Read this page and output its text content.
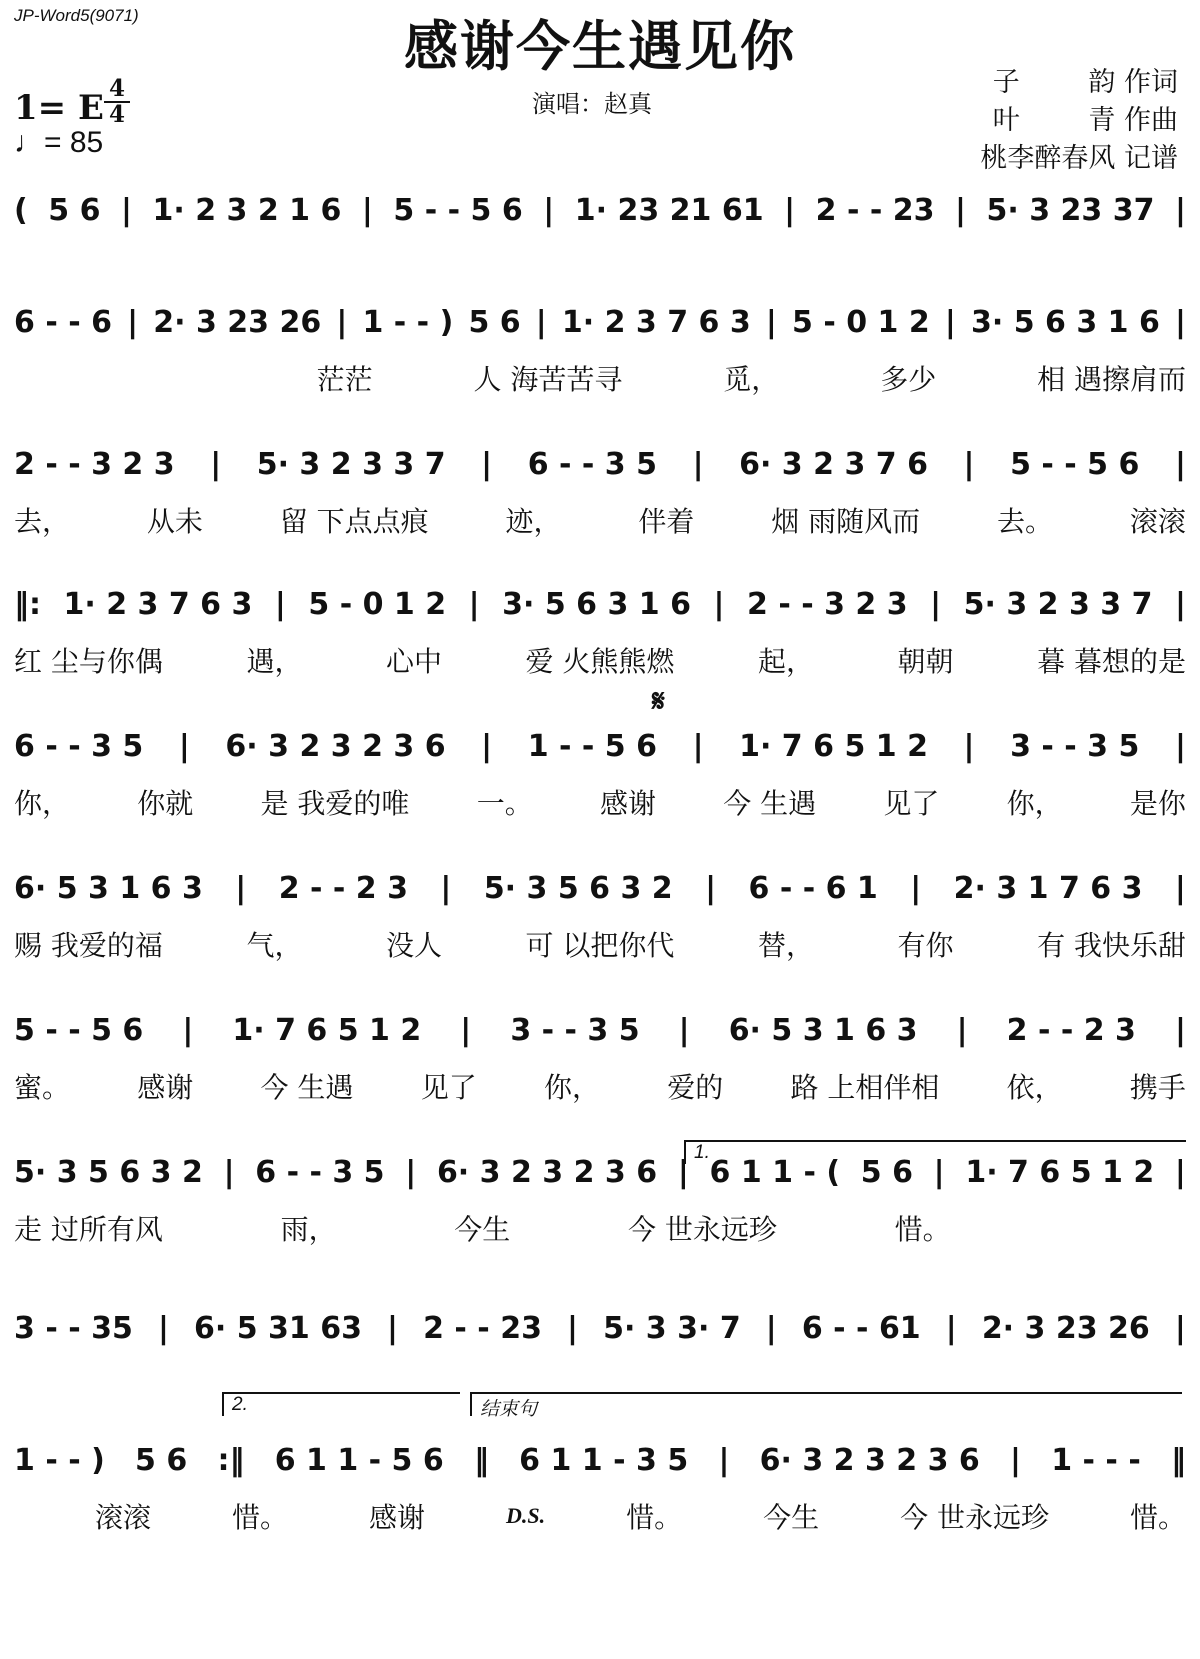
JP-Word5(9071)	感谢今生遇见你
演唱：赵真
1= E 4
4
♩= 85
子        韵 作词
叶        青 作曲
桃李醉春风 记谱
( 5 6 | 1· 2 3 2 1 6 | 5 - - 5 6 | 1· 23 21 61 | 2 - - 23 | 5· 3 23 37 |
6 - - 6 | 2· 3 23 26 | 1 - - ) 5 6 | 1· 2 3 7 6 3 | 5 - 0 1 2 | 3· 5 6 3 1 6 |
茫茫	人 海苦苦寻	觅，	多少	相 遇擦肩而
2 - - 3 2 3 | 5· 3 2 3 3 7 | 6 - - 3 5 | 6· 3 2 3 7 6 | 5 - - 5 6 |
去，	从未	留 下点点痕	迹，	伴着	烟 雨随风而	去。	滚滚
‖: 1· 2 3 7 6 3 | 5 - 0 1 2 | 3· 5 6 3 1 6 | 2 - - 3 2 3 | 5· 3 2 3 3 7 |
红 尘与你偶	遇，	心中	爱 火熊熊燃	起，	朝朝	暮 暮想的是
6 - - 3 5 | 6· 3 2 3 2 3 6 | 1 - - 5 6 | 1· 7 6 5 1 2 | 3 - - 3 5 |
你， 你就 是 我爱的唯 一。 感谢 今 生遇 见了 你， 是你
6· 5 3 1 6 3 | 2 - - 2 3 | 5· 3 5 6 3 2 | 6 - - 6 1 | 2· 3 1 7 6 3 |
赐 我爱的福	气，	没人	可 以把你代	替，	有你	有 我快乐甜
5 - - 5 6 | 1· 7 6 5 1 2 | 3 - - 3 5 | 6· 5 3 1 6 3 | 2 - - 2 3 |
蜜。 感谢 今 生遇 见了 你， 爱的 路 上相伴相 依， 携手
5· 3 5 6 3 2 | 6 - - 3 5 | 6· 3 2 3 2 3 6 | 6 1 1 - ( 5 6 | 1· 7 6 5 1 2 |
走 过所有风	雨，	今生	今 世永远珍	惜。
3 - - 35 | 6· 5 31 63 | 2 - - 23 | 5· 3 3· 7 | 6 - - 61 | 2· 3 23 26 |
1 - - ) 5 6 :‖ 6 1 1 - 5 6 ‖ 6 1 1 - 3 5 | 6· 3 2 3 2 3 6 | 1 - - - ‖
滚滚	惜。	感谢	D.S.	惜。	今生	今 世永远珍	惜。
1.
2.	结束句
𝄋
